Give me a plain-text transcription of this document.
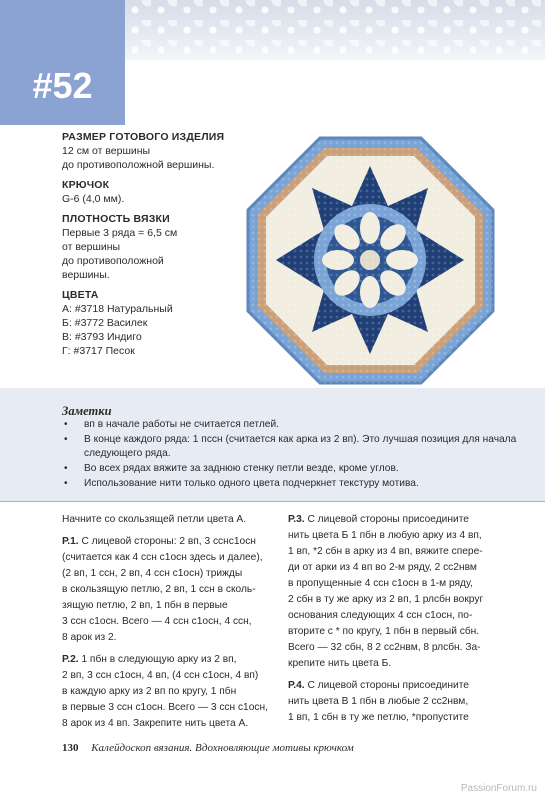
#52
РАЗМЕР ГОТОВОГО ИЗДЕЛИЯ
12 см от вершины
до противоположной вершины.
КРЮЧОК
G-6 (4,0 мм).
ПЛОТНОСТЬ ВЯЗКИ
Первые 3 ряда = 6,5 см
от вершины
до противоположной
вершины.
ЦВЕТА
А: #3718 Натуральный
Б: #3772 Василек
В: #3793 Индиго
Г: #3717 Песок
Заметки
• вп в начале работы не считается петлей.
• В конце каждого ряда: 1 пссн (считается как арка из 2 вп). Это лучшая позиция для начала следующего ряда.
• Во всех рядах вяжите за заднюю стенку петли везде, кроме углов.
• Использование нити только одного цвета подчеркнет текстуру мотива.

Начните со скользящей петли цвета А.

Р.1. С лицевой стороны: 2 вп, 3 сснс1осн
(считается как 4 ссн с1осн здесь и далее),
(2 вп, 1 ссн, 2 вп, 4 ссн с1осн) трижды
в скользящую петлю, 2 вп, 1 ссн в сколь-
зящую петлю, 2 вп, 1 пбн в первые
3 ссн с1осн. Всего — 4 ссн с1осн, 4 ссн,
8 арок из 2.

Р.2. 1 пбн в следующую арку из 2 вп,
2 вп, 3 ссн с1осн, 4 вп, (4 ссн с1осн, 4 вп)
в каждую арку из 2 вп по кругу, 1 пбн
в первые 3 ссн с1осн. Всего — 3 ссн с1осн,
8 арок из 4 вп. Закрепите нить цвета А.

Р.3. С лицевой стороны присоедините
нить цвета Б 1 пбн в любую арку из 4 вп,
1 вп, *2 сбн в арку из 4 вп, вяжите спере-
ди от арки из 4 вп во 2-м ряду, 2 сс2нвм
в пропущенные 4 ссн с1осн в 1-м ряду,
2 сбн в ту же арку из 2 вп, 1 рлсбн вокруг
основания следующих 4 ссн с1осн, по-
вторите с * по кругу, 1 пбн в первый сбн.
Всего — 32 сбн, 8 2 сс2нвм, 8 рлсбн. За-
крепите нить цвета Б.

Р.4. С лицевой стороны присоедините
нить цвета В 1 пбн в любые 2 сс2нвм,
1 вп, 1 сбн в ту же петлю, *пропустите

130 Калейдоскоп вязания. Вдохновляющие мотивы крючком
PassionForum.ru
